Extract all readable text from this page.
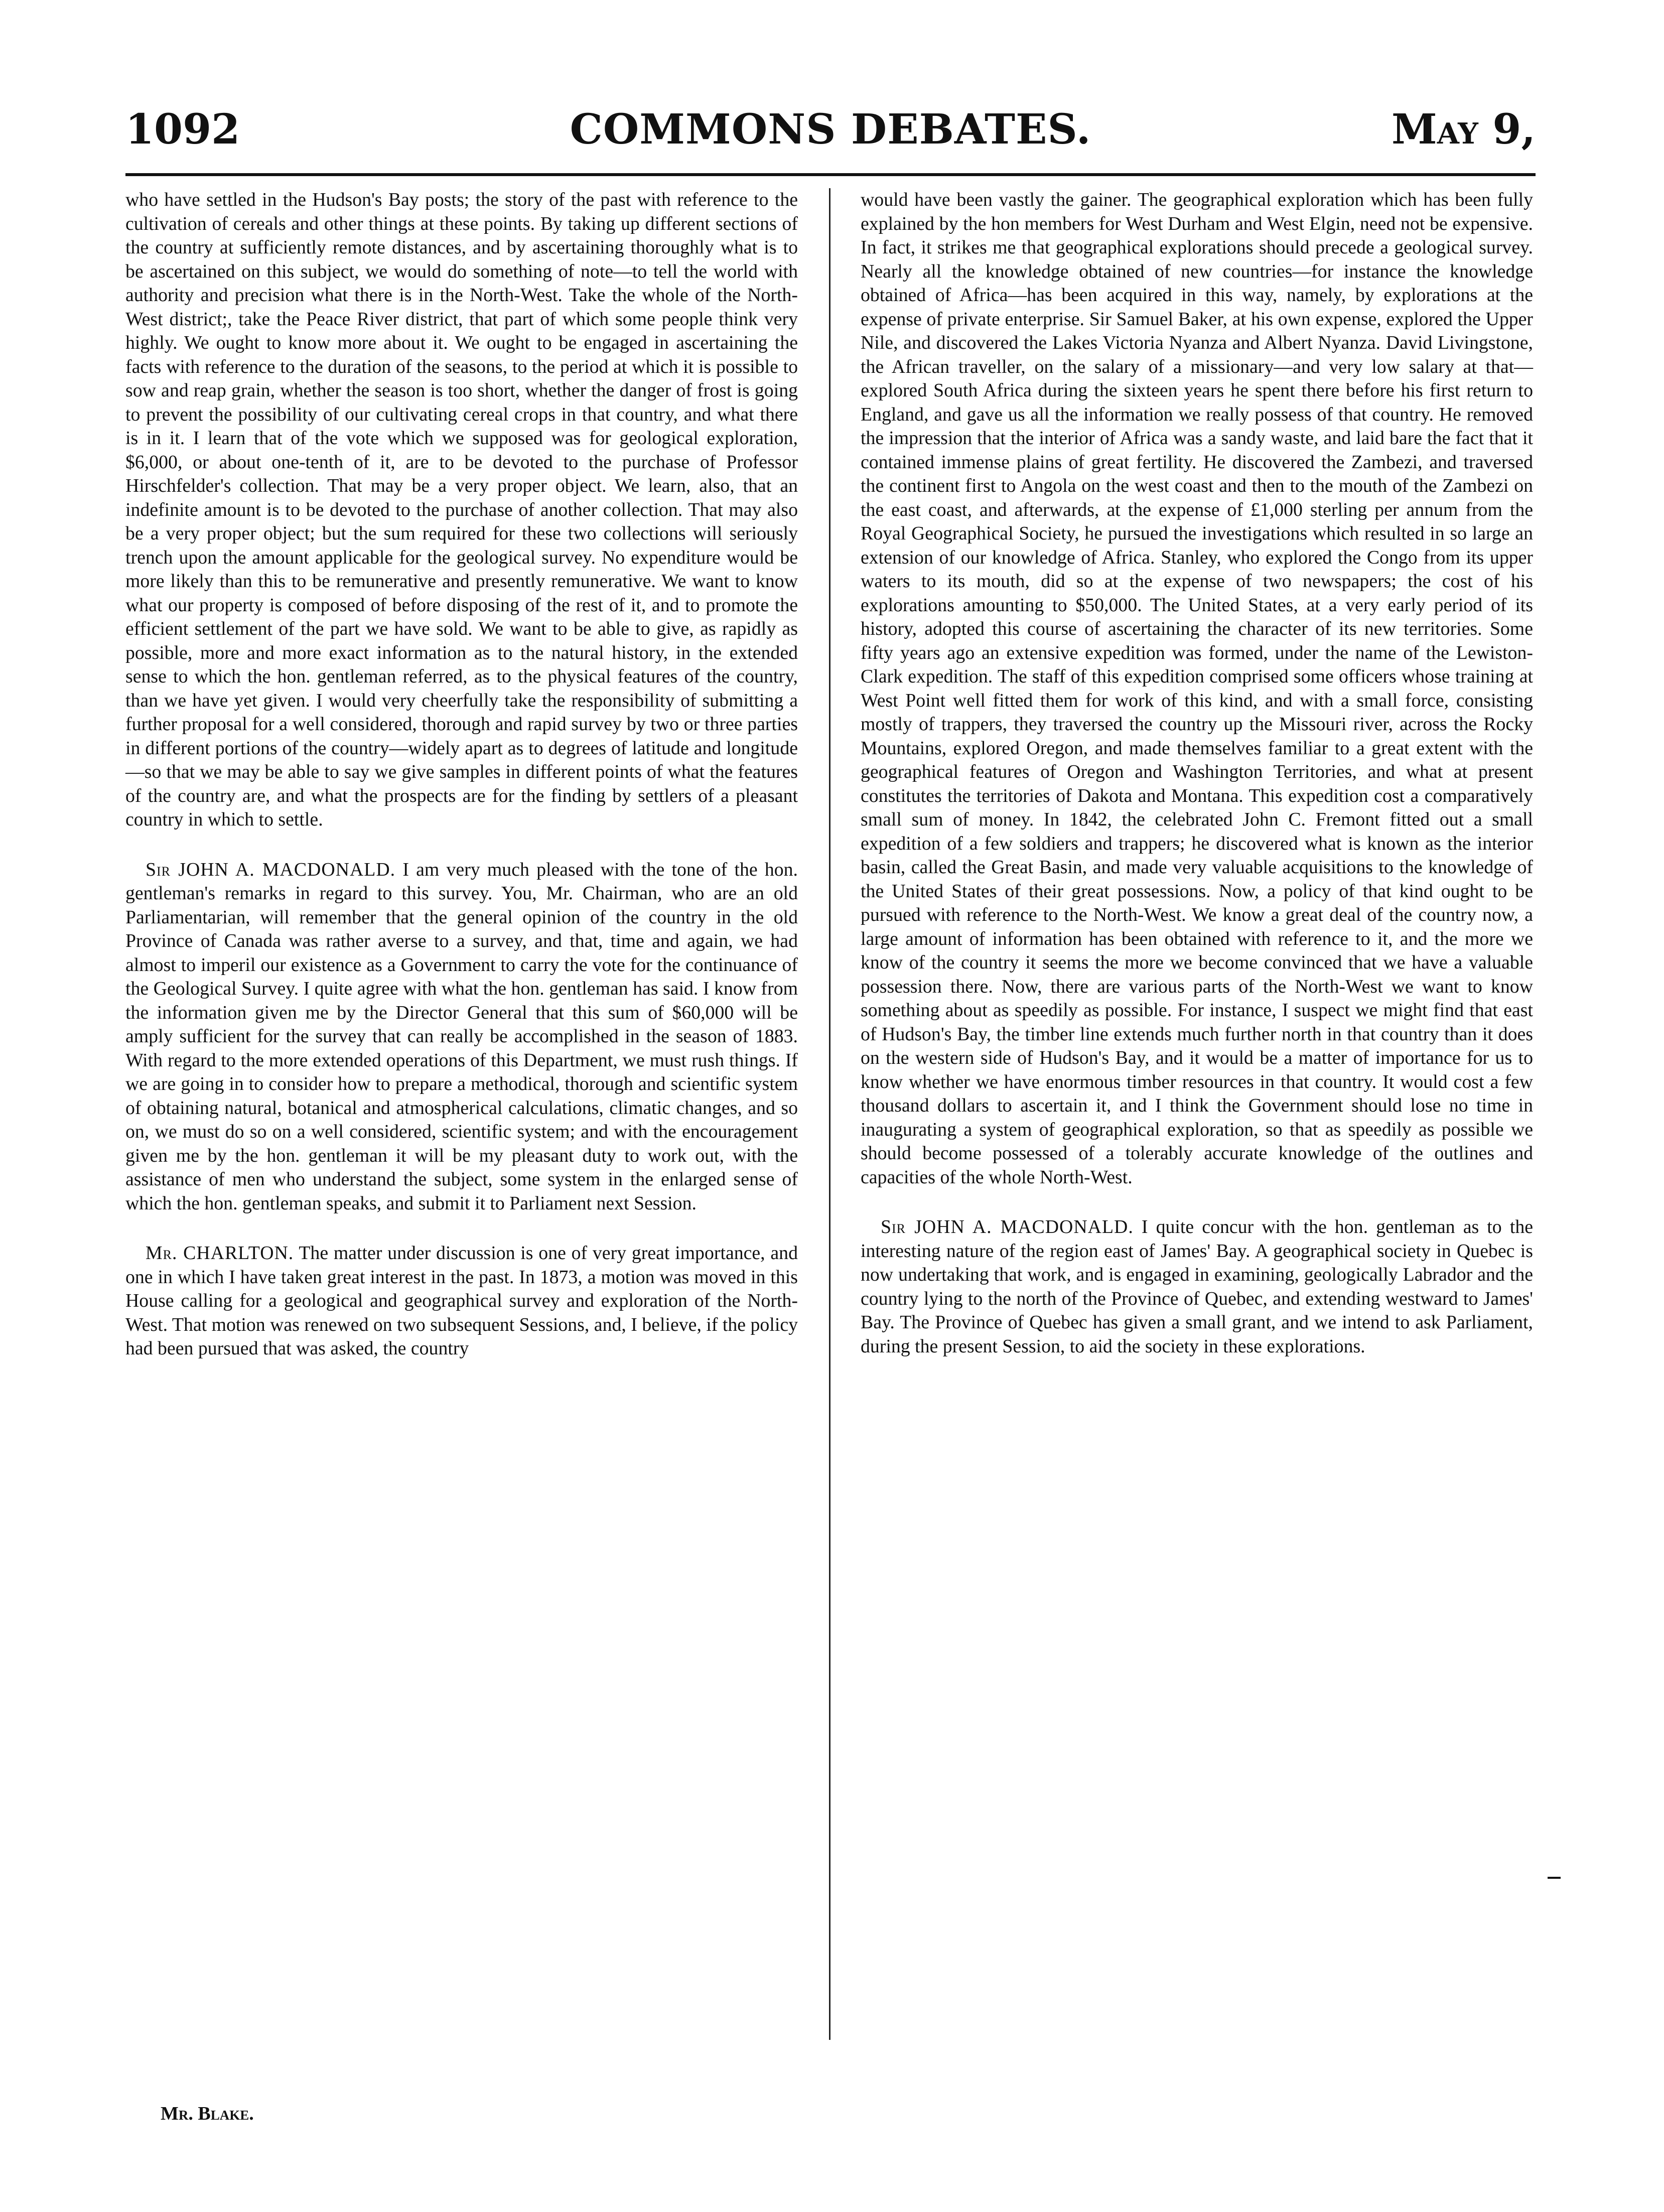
1092	COMMONS DEBATES.	May 9,

who have settled in the Hudson's Bay posts; the story of the past with reference to the cultivation of cereals and other things at these points. By taking up different sections of the country at sufficiently remote distances, and by ascertaining thoroughly what is to be ascertained on this subject, we would do something of note—to tell the world with authority and precision what there is in the North-West. Take the whole of the North-West district;, take the Peace River district, that part of which some people think very highly. We ought to know more about it. We ought to be engaged in ascertaining the facts with reference to the duration of the seasons, to the period at which it is possible to sow and reap grain, whether the season is too short, whether the danger of frost is going to prevent the possibility of our cultivating cereal crops in that country, and what there is in it. I learn that of the vote which we supposed was for geological exploration, $6,000, or about one-tenth of it, are to be devoted to the purchase of Professor Hirschfelder's collection. That may be a very proper object. We learn, also, that an indefinite amount is to be devoted to the purchase of another collection. That may also be a very proper object; but the sum required for these two collections will seriously trench upon the amount applicable for the geological survey. No expenditure would be more likely than this to be remunerative and presently remunerative. We want to know what our property is composed of before disposing of the rest of it, and to promote the efficient settlement of the part we have sold. We want to be able to give, as rapidly as possible, more and more exact information as to the natural history, in the extended sense to which the hon. gentleman referred, as to the physical features of the country, than we have yet given. I would very cheerfully take the responsibility of submitting a further proposal for a well considered, thorough and rapid survey by two or three parties in different portions of the country—widely apart as to degrees of latitude and longitude—so that we may be able to say we give samples in different points of what the features of the country are, and what the prospects are for the finding by settlers of a pleasant country in which to settle.

Sir JOHN A. MACDONALD. I am very much pleased with the tone of the hon. gentleman's remarks in regard to this survey. You, Mr. Chairman, who are an old Parliamentarian, will remember that the general opinion of the country in the old Province of Canada was rather averse to a survey, and that, time and again, we had almost to imperil our existence as a Government to carry the vote for the continuance of the Geological Survey. I quite agree with what the hon. gentleman has said. I know from the information given me by the Director General that this sum of $60,000 will be amply sufficient for the survey that can really be accomplished in the season of 1883. With regard to the more extended operations of this Department, we must rush things. If we are going in to consider how to prepare a methodical, thorough and scientific system of obtaining natural, botanical and atmospherical calculations, climatic changes, and so on, we must do so on a well considered, scientific system; and with the encouragement given me by the hon. gentleman it will be my pleasant duty to work out, with the assistance of men who understand the subject, some system in the enlarged sense of which the hon. gentleman speaks, and submit it to Parliament next Session.

Mr. CHARLTON. The matter under discussion is one of very great importance, and one in which I have taken great interest in the past. In 1873, a motion was moved in this House calling for a geological and geographical survey and exploration of the North-West. That motion was renewed on two subsequent Sessions, and, I believe, if the policy had been pursued that was asked, the country

would have been vastly the gainer. The geographical exploration which has been fully explained by the hon members for West Durham and West Elgin, need not be expensive. In fact, it strikes me that geographical explorations should precede a geological survey. Nearly all the knowledge obtained of new countries—for instance the knowledge obtained of Africa—has been acquired in this way, namely, by explorations at the expense of private enterprise. Sir Samuel Baker, at his own expense, explored the Upper Nile, and discovered the Lakes Victoria Nyanza and Albert Nyanza. David Livingstone, the African traveller, on the salary of a missionary—and very low salary at that—explored South Africa during the sixteen years he spent there before his first return to England, and gave us all the information we really possess of that country. He removed the impression that the interior of Africa was a sandy waste, and laid bare the fact that it contained immense plains of great fertility. He discovered the Zambezi, and traversed the continent first to Angola on the west coast and then to the mouth of the Zambezi on the east coast, and afterwards, at the expense of £1,000 sterling per annum from the Royal Geographical Society, he pursued the investigations which resulted in so large an extension of our knowledge of Africa. Stanley, who explored the Congo from its upper waters to its mouth, did so at the expense of two newspapers; the cost of his explorations amounting to $50,000. The United States, at a very early period of its history, adopted this course of ascertaining the character of its new territories. Some fifty years ago an extensive expedition was formed, under the name of the Lewiston-Clark expedition. The staff of this expedition comprised some officers whose training at West Point well fitted them for work of this kind, and with a small force, consisting mostly of trappers, they traversed the country up the Missouri river, across the Rocky Mountains, explored Oregon, and made themselves familiar to a great extent with the geographical features of Oregon and Washington Territories, and what at present constitutes the territories of Dakota and Montana. This expedition cost a comparatively small sum of money. In 1842, the celebrated John C. Fremont fitted out a small expedition of a few soldiers and trappers; he discovered what is known as the interior basin, called the Great Basin, and made very valuable acquisitions to the knowledge of the United States of their great possessions. Now, a policy of that kind ought to be pursued with reference to the North-West. We know a great deal of the country now, a large amount of information has been obtained with reference to it, and the more we know of the country it seems the more we become convinced that we have a valuable possession there. Now, there are various parts of the North-West we want to know something about as speedily as possible. For instance, I suspect we might find that east of Hudson's Bay, the timber line extends much further north in that country than it does on the western side of Hudson's Bay, and it would be a matter of importance for us to know whether we have enormous timber resources in that country. It would cost a few thousand dollars to ascertain it, and I think the Government should lose no time in inaugurating a system of geographical exploration, so that as speedily as possible we should become possessed of a tolerably accurate knowledge of the outlines and capacities of the whole North-West.

Sir JOHN A. MACDONALD. I quite concur with the hon. gentleman as to the interesting nature of the region east of James' Bay. A geographical society in Quebec is now undertaking that work, and is engaged in examining, geologically Labrador and the country lying to the north of the Province of Quebec, and extending westward to James' Bay. The Province of Quebec has given a small grant, and we intend to ask Parliament, during the present Session, to aid the society in these explorations.

Mr. Blake.
